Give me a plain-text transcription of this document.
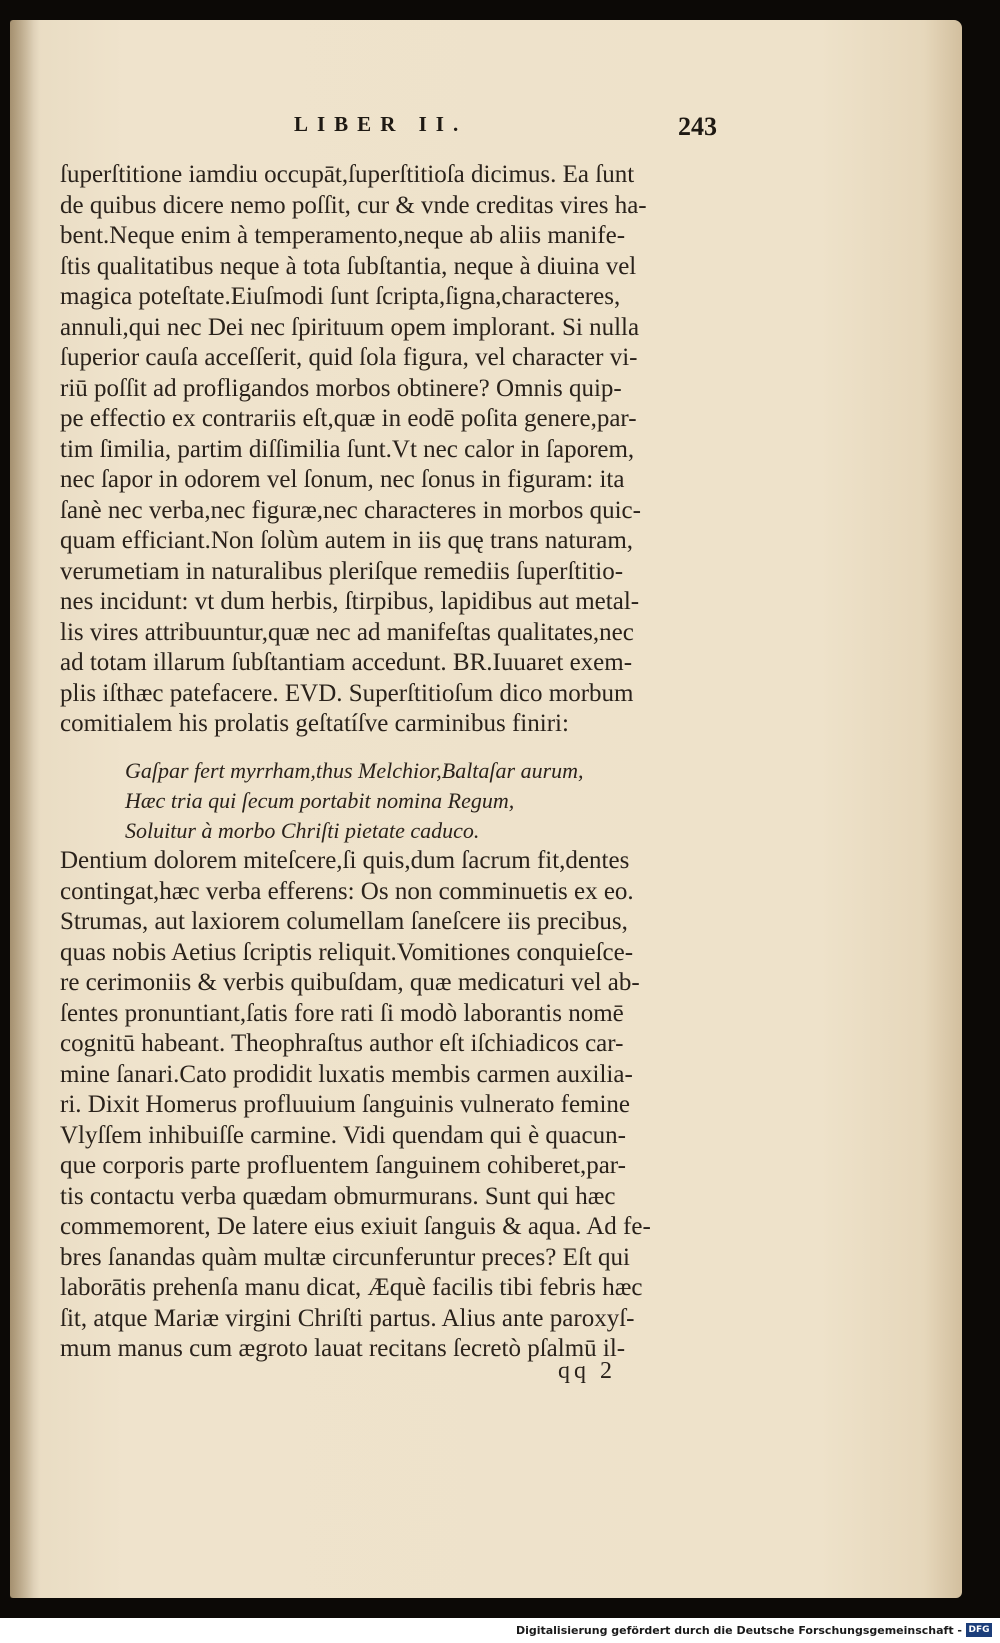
LIBER II.	243
ſuperſtitione iamdiu occupāt,ſuperſtitioſa dicimus. Ea ſunt
de quibus dicere nemo poſſit, cur & vnde creditas vires ha-
bent.Neque enim à temperamento,neque ab aliis manife-
ſtis qualitatibus neque à tota ſubſtantia, neque à diuina vel
magica poteſtate.Eiuſmodi ſunt ſcripta,ſigna,characteres,
annuli,qui nec Dei nec ſpirituum opem implorant. Si nulla
ſuperior cauſa acceſſerit, quid ſola figura, vel character vi-
riū poſſit ad profligandos morbos obtinere? Omnis quip-
pe effectio ex contrariis eſt,quæ in eodē poſita genere,par-
tim ſimilia, partim diſſimilia ſunt.Vt nec calor in ſaporem,
nec ſapor in odorem vel ſonum, nec ſonus in figuram: ita
ſanè nec verba,nec figuræ,nec characteres in morbos quic-
quam efficiant.Non ſolùm autem in iis quę trans naturam,
verumetiam in naturalibus pleriſque remediis ſuperſtitio-
nes incidunt: vt dum herbis, ſtirpibus, lapidibus aut metal-
lis vires attribuuntur,quæ nec ad manifeſtas qualitates,nec
ad totam illarum ſubſtantiam accedunt. BR.Iuuaret exem-
plis iſthæc patefacere. EVD. Superſtitioſum dico morbum
comitialem his prolatis geſtatíſve carminibus finiri:
Gaſpar fert myrrham,thus Melchior,Baltaſar aurum,
Hæc tria qui ſecum portabit nomina Regum,
Soluitur à morbo Chriſti pietate caduco.
Dentium dolorem miteſcere,ſi quis,dum ſacrum fit,dentes
contingat,hæc verba efferens: Os non comminuetis ex eo.
Strumas, aut laxiorem columellam ſaneſcere iis precibus,
quas nobis Aetius ſcriptis reliquit.Vomitiones conquieſce-
re cerimoniis & verbis quibuſdam, quæ medicaturi vel ab-
ſentes pronuntiant,ſatis fore rati ſi modò laborantis nomē
cognitū habeant. Theophraſtus author eſt iſchiadicos car-
mine ſanari.Cato prodidit luxatis membis carmen auxilia-
ri. Dixit Homerus profluuium ſanguinis vulnerato femine
Vlyſſem inhibuiſſe carmine. Vidi quendam qui è quacun-
que corporis parte profluentem ſanguinem cohiberet,par-
tis contactu verba quædam obmurmurans. Sunt qui hæc
commemorent, De latere eius exiuit ſanguis & aqua. Ad fe-
bres ſanandas quàm multæ circunferuntur preces? Eſt qui
laborātis prehenſa manu dicat, Æquè facilis tibi febris hæc
ſit, atque Mariæ virgini Chriſti partus. Alius ante paroxyſ-
mum manus cum ægroto lauat recitans ſecretò pſalmū il-
qq 2
Digitalisierung gefördert durch die Deutsche Forschungsgemeinschaft - DFG
